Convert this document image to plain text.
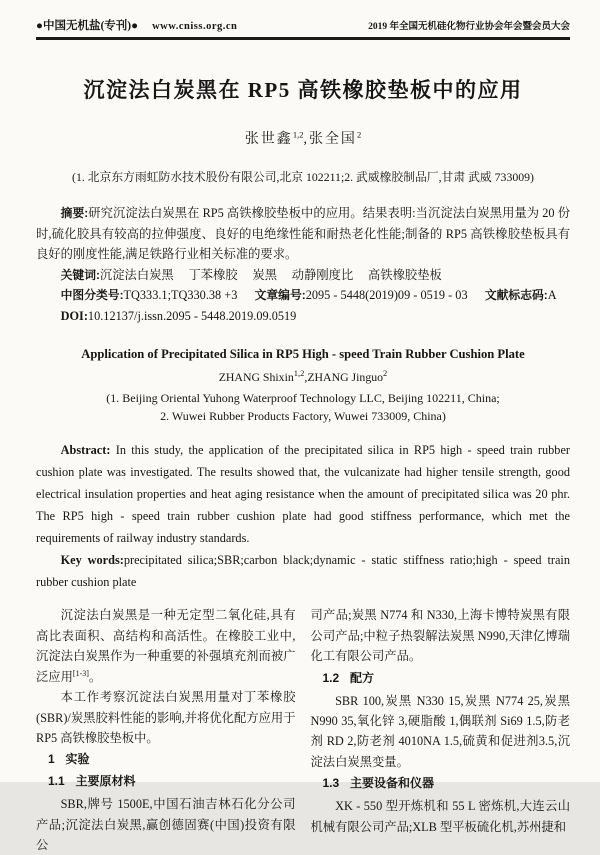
●中国无机盐(专刊)● www.cniss.org.cn	2019 年全国无机硅化物行业协会年会暨会员大会
沉淀法白炭黑在 RP5 高铁橡胶垫板中的应用
张世鑫$^{1,2}$,张全国$^2$
(1. 北京东方雨虹防水技术股份有限公司,北京 102211;2. 武威橡胶制品厂,甘肃 武威 733009)

摘要:研究沉淀法白炭黑在 RP5 高铁橡胶垫板中的应用。结果表明:当沉淀法白炭黑用量为 20 份时,硫化胶具有较高的拉伸强度、良好的电绝缘性能和耐热老化性能;制备的 RP5 高铁橡胶垫板具有良好的刚度性能,满足铁路行业相关标准的要求。

关键词:沉淀法白炭黑 丁苯橡胶 炭黑 动静刚度比 高铁橡胶垫板

中图分类号:TQ333.1;TQ330.38 +3 文章编号:2095 - 5448(2019)09 - 0519 - 03 文献标志码:A

DOI:10.12137/j.issn.2095 - 5448.2019.09.0519

Application of Precipitated Silica in RP5 High - speed Train Rubber Cushion Plate
ZHANG Shixin$^{1,2}$,ZHANG Jinguo$^2$
(1. Beijing Oriental Yuhong Waterproof Technology LLC, Beijing 102211, China;
2. Wuwei Rubber Products Factory, Wuwei 733009, China)

Abstract: In this study, the application of the precipitated silica in RP5 high - speed train rubber cushion plate was investigated. The results showed that, the vulcanizate had higher tensile strength, good electrical insulation properties and heat aging resistance when the amount of precipitated silica was 20 phr. The RP5 high - speed train rubber cushion plate had good stiffness performance, which met the requirements of railway industry standards.

Key words:precipitated silica;SBR;carbon black;dynamic - static stiffness ratio;high - speed train rubber cushion plate

沉淀法白炭黑是一种无定型二氧化硅,具有高比表面积、高结构和高活性。在橡胶工业中,沉淀法白炭黑作为一种重要的补强填充剂而被广泛应用[1-3]。

本工作考察沉淀法白炭黑用量对丁苯橡胶(SBR)/炭黑胶料性能的影响,并将优化配方应用于 RP5 高铁橡胶垫板中。

1 实验
1.1 主要原材料

SBR,牌号 1500E,中国石油吉林石化分公司产品;沉淀法白炭黑,赢创德固赛(中国)投资有限公

司产品;炭黑 N774 和 N330,上海卡博特炭黑有限公司产品;中粒子热裂解法炭黑 N990,天津亿博瑞化工有限公司产品。

1.2 配方

SBR 100,炭黑 N330 15,炭黑 N774 25,炭黑 N990 35,氧化锌 3,硬脂酸 1,偶联剂 Si69 1.5,防老剂 RD 2,防老剂 4010NA 1.5,硫黄和促进剂3.5,沉淀法白炭黑变量。

1.3 主要设备和仪器

XK - 550 型开炼机和 55 L 密炼机,大连云山机械有限公司产品;XLB 型平板硫化机,苏州捷和
